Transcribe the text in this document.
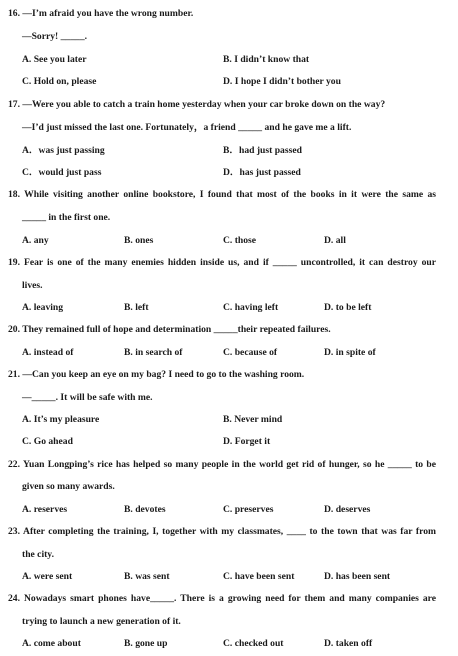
16. —I’m afraid you have the wrong number.
—Sorry! _____.
A. See you later	B. I didn’t know that
C. Hold on, please	D. I hope I didn’t bother you
17. —Were you able to catch a train home yesterday when your car broke down on the way?
—I’d just missed the last one. Fortunately，a friend _____ and he gave me a lift.
A．was just passing	B．had just passed
C．would just pass	D．has just passed
18. While visiting another online bookstore, I found that most of the books in it were the same as
_____ in the first one.
A. any	B. ones	C. those	D. all
19. Fear is one of the many enemies hidden inside us, and if _____ uncontrolled, it can destroy our
lives.
A. leaving	B. left	C. having left	D. to be left
20. They remained full of hope and determination _____their repeated failures.
A. instead of	B. in search of	C. because of	D. in spite of
21. —Can you keep an eye on my bag? I need to go to the washing room.
—_____. It will be safe with me.
A. It’s my pleasure	B. Never mind
C. Go ahead	D. Forget it
22. Yuan Longping’s rice has helped so many people in the world get rid of hunger, so he _____ to be
given so many awards.
A. reserves	B. devotes	C. preserves	D. deserves
23. After completing the training, I, together with my classmates, ____ to the town that was far from
the city.
A. were sent	B. was sent	C. have been sent	D. has been sent
24. Nowadays smart phones have_____. There is a growing need for them and many companies are
trying to launch a new generation of it.
A. come about	B. gone up	C. checked out	D. taken off
